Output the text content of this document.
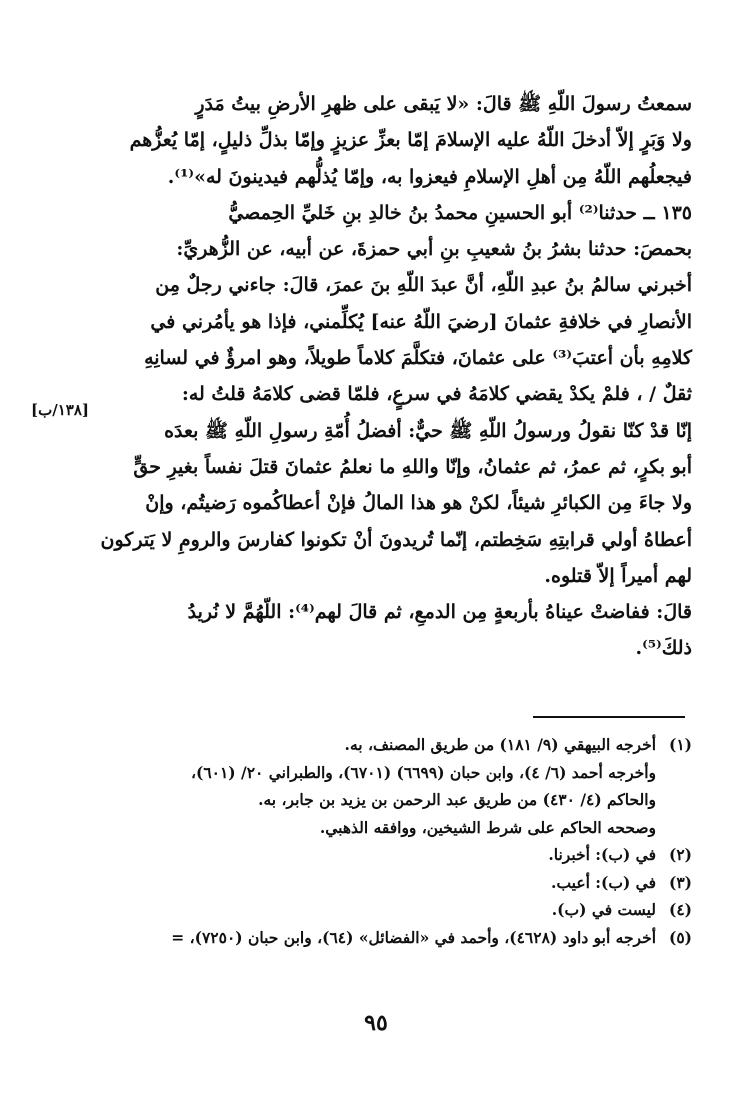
سمعتُ رسولَ اللّهِ ﷺ قالَ: «لا يَبقى على ظهرِ الأرضِ بيتُ مَدَرٍ
ولا وَبَرٍ إلاّ أدخلَ اللّهُ عليه الإسلامَ إمّا بعزِّ عزيزٍ وإمّا بذلِّ ذليلٍ، إمّا يُعزُّهم
فيجعلُهم اللّهُ مِن أهلِ الإسلامِ فيعزوا به، وإمّا يُذلُّهم فيدينونَ له»⁽¹⁾.
١٣٥ ــ حدثنا⁽²⁾ أبو الحسينِ محمدُ بنُ خالدِ بنِ خَليِّ الحِمصيُّ
بحمصَ: حدثنا بشرُ بنُ شعيبِ بنِ أبي حمزةَ، عن أبيه، عن الزُّهريِّ:
أخبرني سالمُ بنُ عبدِ اللّهِ، أنَّ عبدَ اللّهِ بنَ عمرَ، قالَ: جاءني رجلٌ مِن
الأنصارِ في خلافةِ عثمانَ [رضيَ اللّهُ عنه] يُكلِّمني، فإذا هو يأمُرني في
كلامِهِ بأن أعتبَ⁽³⁾ على عثمانَ، فتكلَّمَ كلاماً طويلاً، وهو امرؤٌ في لسانِهِ
ثقلٌ / ، فلمْ يكدْ يقضي كلامَهُ في سرعٍ، فلمّا قضى كلامَهُ قلتُ له:
إنّا قدْ كنّا نقولُ ورسولُ اللّهِ ﷺ حيٌّ: أفضلُ أُمّةِ رسولِ اللّهِ ﷺ بعدَه
أبو بكرٍ، ثم عمرُ، ثم عثمانُ، وإنّا واللهِ ما نعلمُ عثمانَ قتلَ نفساً بغيرِ حقٍّ
ولا جاءَ مِن الكبائرِ شيئاً، لكنْ هو هذا المالُ فإنْ أعطاكُموه رَضيتُم، وإنْ
أعطاهُ أولي قرابتِهِ سَخِطتم، إنّما تُريدونَ أنْ تكونوا كفارسَ والرومِ لا يَتركون
لهم أميراً إلاّ قتلوه.
قالَ: ففاضتْ عيناهُ بأربعةٍ مِن الدمعِ، ثم قالَ لهم⁽⁴⁾: اللّهُمَّ لا نُريدُ
ذلكَ⁽⁵⁾.
[١٣٨/ب]
(١)
أخرجه البيهقي (٩/ ١٨١) من طريق المصنف، به.
وأخرجه أحمد (٦/ ٤)، وابن حبان (٦٦٩٩) (٦٧٠١)، والطبراني ٢٠/ (٦٠١)،
والحاكم (٤/ ٤٣٠) من طريق عبد الرحمن بن يزيد بن جابر، به.
وصححه الحاكم على شرط الشيخين، ووافقه الذهبي.
(٢)
في (ب): أخبرنا.
(٣)
في (ب): أعيب.
(٤)
ليست في (ب).
(٥)
أخرجه أبو داود (٤٦٢٨)، وأحمد في «الفضائل» (٦٤)، وابن حبان (٧٢٥٠)، =
٩٥
